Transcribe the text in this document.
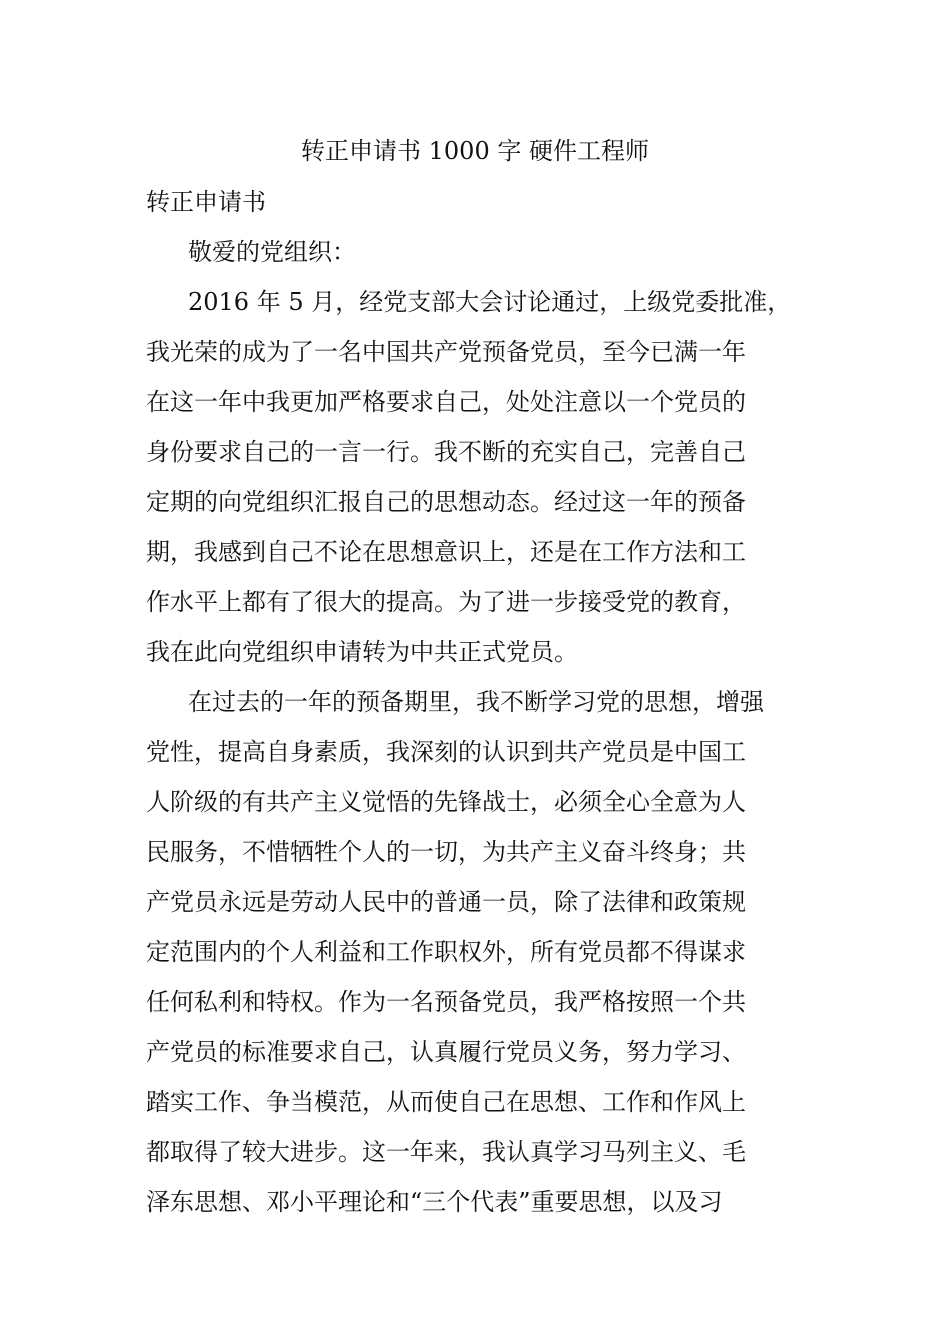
转正申请书 1000 字 硬件工程师
转正申请书
敬爱的党组织：
2016 年 5 月，经党支部大会讨论通过，上级党委批准，
我光荣的成为了一名中国共产党预备党员，至今已满一年
在这一年中我更加严格要求自己，处处注意以一个党员的
身份要求自己的一言一行。我不断的充实自己，完善自己
定期的向党组织汇报自己的思想动态。经过这一年的预备
期，我感到自己不论在思想意识上，还是在工作方法和工
作水平上都有了很大的提高。为了进一步接受党的教育，
我在此向党组织申请转为中共正式党员。
在过去的一年的预备期里，我不断学习党的思想，增强
党性，提高自身素质，我深刻的认识到共产党员是中国工
人阶级的有共产主义觉悟的先锋战士，必须全心全意为人
民服务，不惜牺牲个人的一切，为共产主义奋斗终身；共
产党员永远是劳动人民中的普通一员，除了法律和政策规
定范围内的个人利益和工作职权外，所有党员都不得谋求
任何私利和特权。作为一名预备党员，我严格按照一个共
产党员的标准要求自己，认真履行党员义务，努力学习、
踏实工作、争当模范，从而使自己在思想、工作和作风上
都取得了较大进步。这一年来，我认真学习马列主义、毛
泽东思想、邓小平理论和“三个代表”重要思想，以及习
